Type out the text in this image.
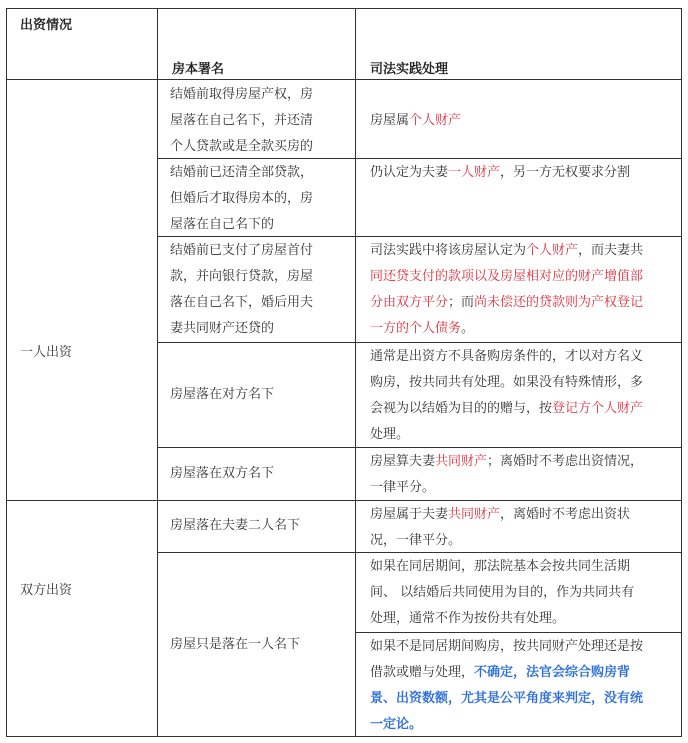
出资情况
房本署名	司法实践处理
一人出资
双方出资
结婚前取得房屋产权，房
屋落在自己名下，并还清
个人贷款或是全款买房的
房屋属个人财产
结婚前已还清全部贷款，
但婚后才取得房本的，房
屋落在自己名下的
仍认定为夫妻一人财产，另一方无权要求分割
结婚前已支付了房屋首付
款，并向银行贷款，房屋
落在自己名下，婚后用夫
妻共同财产还贷的
司法实践中将该房屋认定为个人财产，而夫妻共
同还贷支付的款项以及房屋相对应的财产增值部
分由双方平分；而尚未偿还的贷款则为产权登记
一方的个人债务。
房屋落在对方名下
通常是出资方不具备购房条件的，才以对方名义
购房，按共同共有处理。如果没有特殊情形，多
会视为以结婚为目的的赠与，按登记方个人财产
处理。
房屋落在双方名下
房屋算夫妻共同财产；离婚时不考虑出资情况，
一律平分。
房屋落在夫妻二人名下
房屋属于夫妻共同财产，离婚时不考虑出资状
况，一律平分。
房屋只是落在一人名下
如果在同居期间，那法院基本会按共同生活期
间、 以结婚后共同使用为目的，作为共同共有
处理，通常不作为按份共有处理。
如果不是同居期间购房，按共同财产处理还是按
借款或赠与处理，不确定，法官会综合购房背
景、出资数额，尤其是公平角度来判定，没有统
一定论。
